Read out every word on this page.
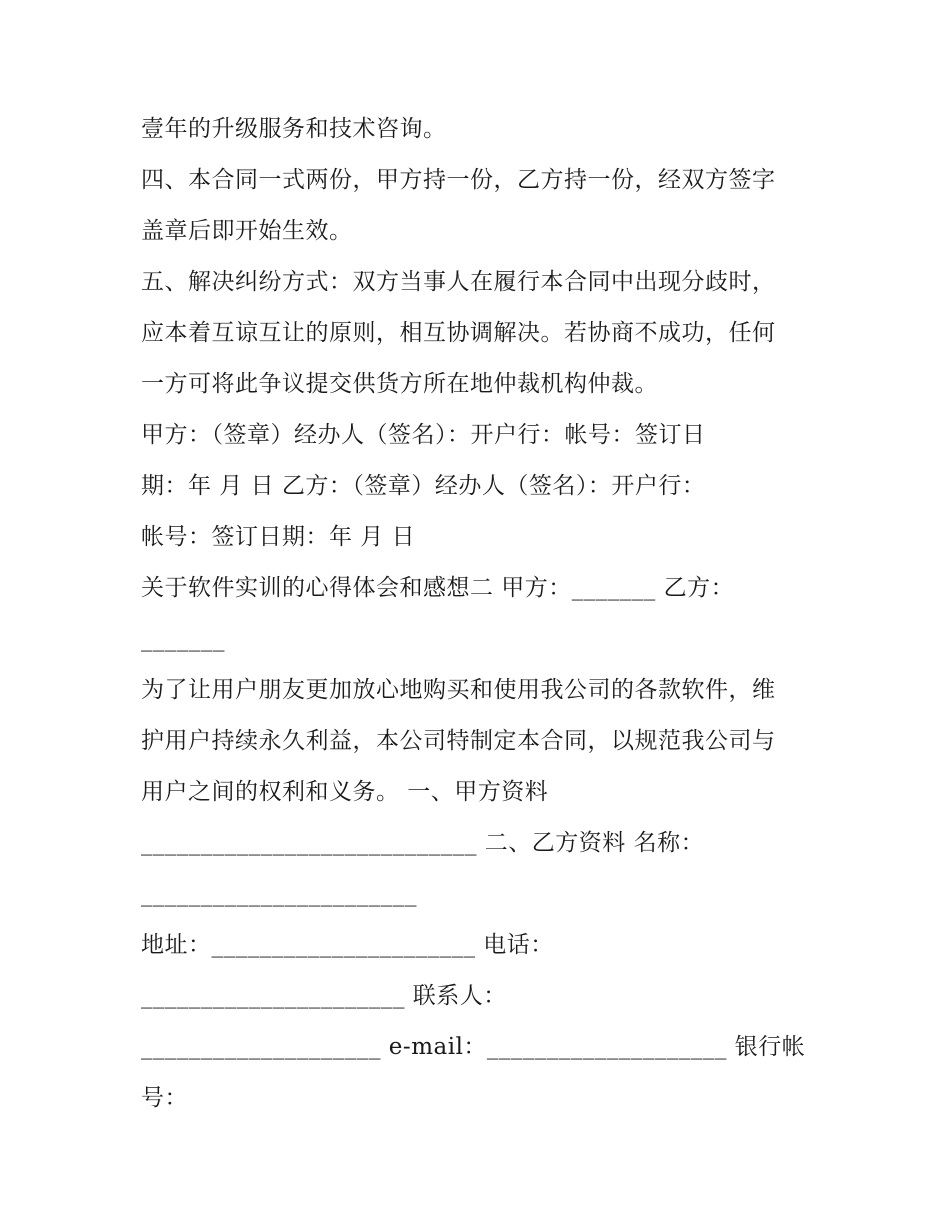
壹年的升级服务和技术咨询。
四、本合同一式两份，甲方持一份，乙方持一份，经双方签字
盖章后即开始生效。
五、解决纠纷方式：双方当事人在履行本合同中出现分歧时，
应本着互谅互让的原则，相互协调解决。若协商不成功，任何
一方可将此争议提交供货方所在地仲裁机构仲裁。
甲方：（签章）经办人（签名）：开户行：帐号：签订日
期：年 月 日 乙方：（签章）经办人（签名）：开户行：
帐号：签订日期：年 月 日
关于软件实训的心得体会和感想二 甲方：_______ 乙方：
_______
为了让用户朋友更加放心地购买和使用我公司的各款软件，维
护用户持续永久利益，本公司特制定本合同，以规范我公司与
用户之间的权利和义务。 一、甲方资料
____________________________ 二、乙方资料 名称：
_______________________
地址：______________________ 电话：
______________________ 联系人：
____________________ e-mail：____________________ 银行帐
号：
